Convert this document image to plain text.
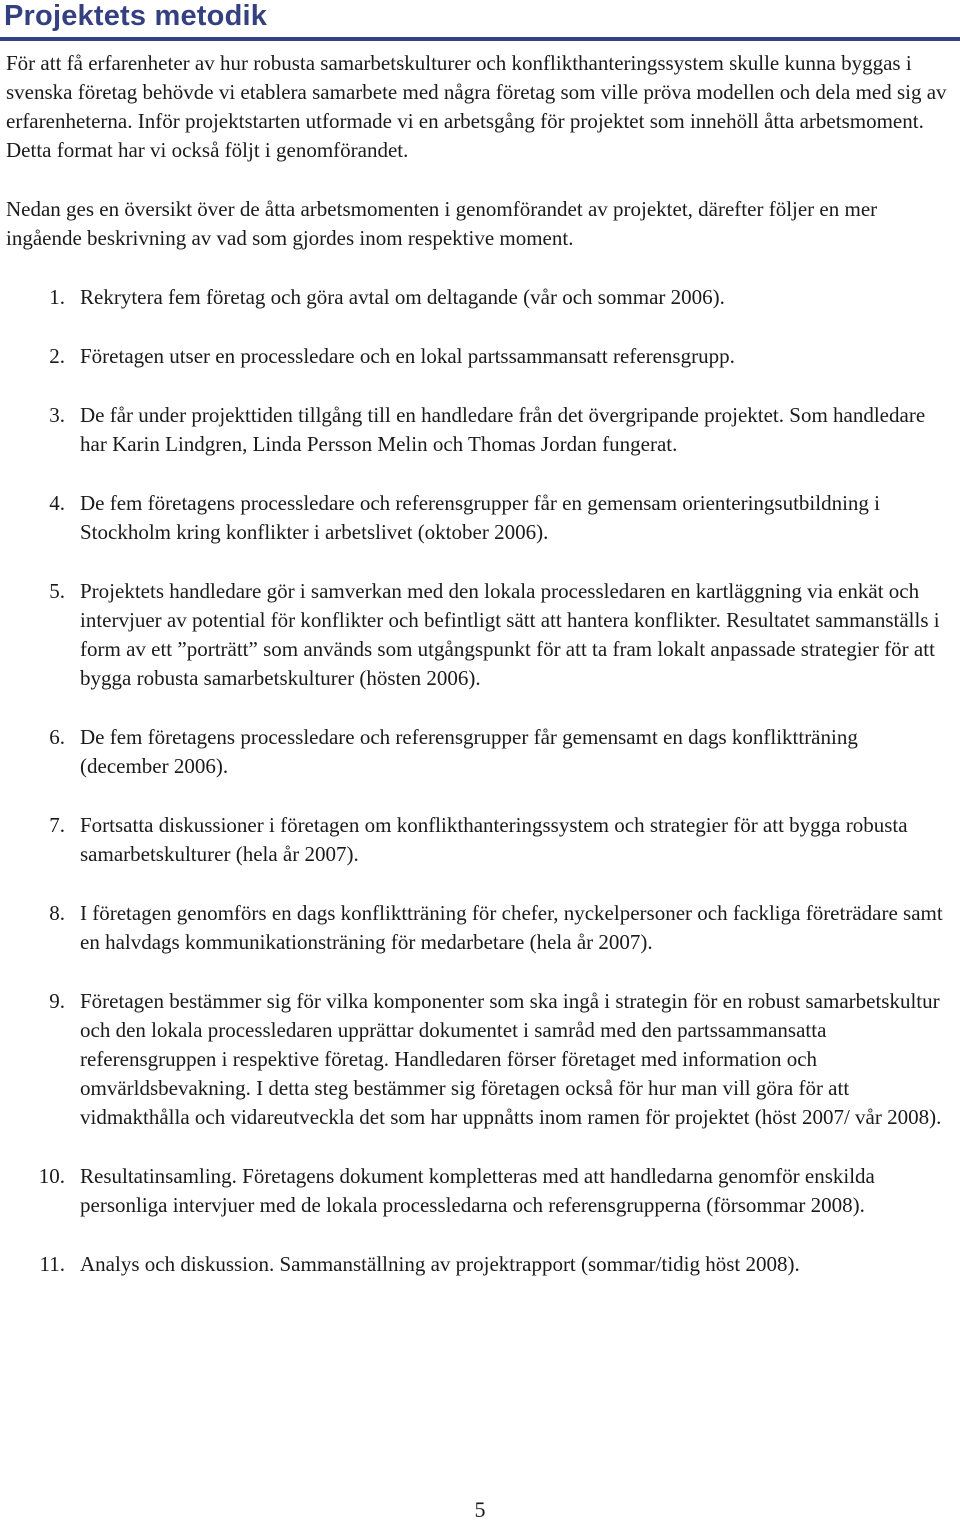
Projektets metodik

För att få erfarenheter av hur robusta samarbetskulturer och konflikthanteringssystem skulle kunna byggas i svenska företag behövde vi etablera samarbete med några företag som ville pröva modellen och dela med sig av erfarenheterna. Inför projektstarten utformade vi en arbetsgång för projektet som innehöll åtta arbetsmoment. Detta format har vi också följt i genomförandet.

Nedan ges en översikt över de åtta arbetsmomenten i genomförandet av projektet, därefter följer en mer ingående beskrivning av vad som gjordes inom respektive moment.

1. Rekrytera fem företag och göra avtal om deltagande (vår och sommar 2006).
2. Företagen utser en processledare och en lokal partssammansatt referensgrupp.
3. De får under projekttiden tillgång till en handledare från det övergripande projektet. Som handledare har Karin Lindgren, Linda Persson Melin och Thomas Jordan fungerat.
4. De fem företagens processledare och referensgrupper får en gemensam orienteringsutbildning i Stockholm kring konflikter i arbetslivet (oktober 2006).
5. Projektets handledare gör i samverkan med den lokala processledaren en kartläggning via enkät och intervjuer av potential för konflikter och befintligt sätt att hantera konflikter. Resultatet sammanställs i form av ett ”porträtt” som används som utgångspunkt för att ta fram lokalt anpassade strategier för att bygga robusta samarbetskulturer (hösten 2006).
6. De fem företagens processledare och referensgrupper får gemensamt en dags konfliktträning (december 2006).
7. Fortsatta diskussioner i företagen om konflikthanteringssystem och strategier för att bygga robusta samarbetskulturer (hela år 2007).
8. I företagen genomförs en dags konfliktträning för chefer, nyckelpersoner och fackliga företrädare samt en halvdags kommunikationsträning för medarbetare (hela år 2007).
9. Företagen bestämmer sig för vilka komponenter som ska ingå i strategin för en robust samarbetskultur och den lokala processledaren upprättar dokumentet i samråd med den partssammansatta referensgruppen i respektive företag. Handledaren förser företaget med information och omvärldsbevakning. I detta steg bestämmer sig företagen också för hur man vill göra för att vidmakthålla och vidareutveckla det som har uppnåtts inom ramen för projektet (höst 2007/ vår 2008).
10. Resultatinsamling. Företagens dokument kompletteras med att handledarna genomför enskilda personliga intervjuer med de lokala processledarna och referensgrupperna (försommar 2008).
11. Analys och diskussion. Sammanställning av projektrapport (sommar/tidig höst 2008).
5
